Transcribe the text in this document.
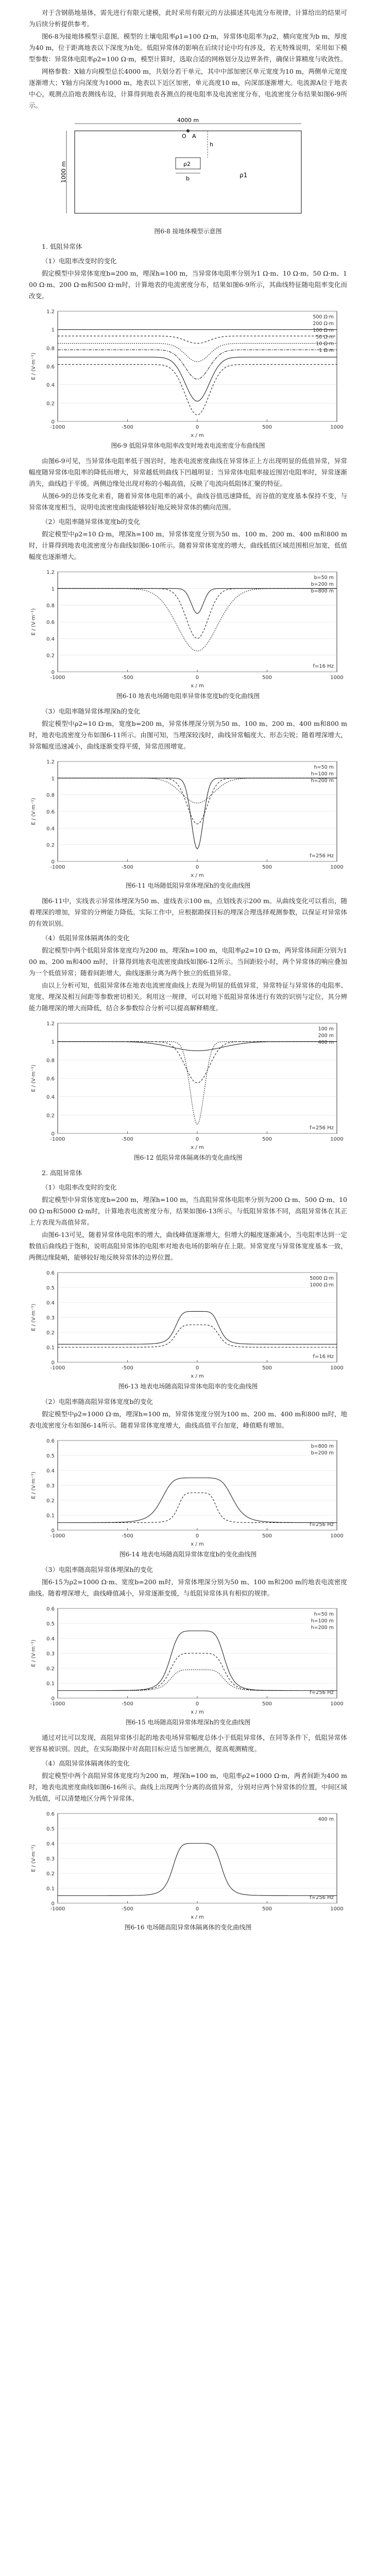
对于含钢筋地基体，需先进行有限元建模，此时采用有限元的方法描述其电流分布规律，计算给出的结果可为后续分析提供参考。

图6-8为接地体模型示意图。模型的土壤电阻率ρ1=100 Ω·m，异常体电阻率为ρ2，横向宽度为b m，厚度为40 m，位于距离地表以下深度为h处。低阻异常体的影响在后续讨论中均有涉及，若无特殊说明，采用如下模型参数：异常体电阻率ρ2=100 Ω·m，模型计算时，选取合适的网格划分及边界条件，确保计算精度与收敛性。

网格参数：X轴方向模型总长4000 m，共划分若干单元，其中中部加密区单元宽度为10 m，两侧单元宽度逐渐增大；Y轴方向深度为1000 m，地表以下近区加密，单元高度10 m，向深部逐渐增大。电流源A位于地表中心，观测点沿地表测线布设，计算得到地表各测点的视电阻率及电流密度分布，电流密度分布结果如图6-9所示。

4000 m
1000 m
A
O
ρ1
ρ2
h
b
图6-8 接地体模型示意图
1. 低阻异常体
（1）电阻率改变时的变化

假定模型中异常体宽度b=200 m，埋深h=100 m，当异常体电阻率分别为1 Ω·m、10 Ω·m、50 Ω·m、100 Ω·m、200 Ω·m和500 Ω·m时，计算地表的电流密度分布，结果如图6-9所示，其曲线特征随电阻率变化而改变。

0
0.2
0.4
0.6
0.8
1
1.2
-1000	-500	0	500	1000
x / m
E / (V·m⁻¹)
500 Ω·m
200 Ω·m
100 Ω·m
50 Ω·m
10 Ω·m
1 Ω·m
图6-9 低阻异常体电阻率改变时地表电流密度分布曲线图

由图6-9可见，当异常体电阻率低于围岩时，地表电流密度曲线在异常体正上方出现明显的低值异常，异常幅度随异常体电阻率的降低而增大，异常越低则曲线下凹越明显；当异常体电阻率接近围岩电阻率时，异常逐渐消失，曲线趋于平缓。两侧边缘处出现对称的小幅高值，反映了电流向低阻体汇聚的特征。

从图6-9的总体变化来看，随着异常体电阻率的减小，曲线谷值迅速降低，而谷值的宽度基本保持不变，与异常体宽度相当，说明电流密度曲线能够较好地反映异常体的横向范围。

（2）电阻率随异常体宽度b的变化

假定模型中ρ2=10 Ω·m，埋深h=100 m，异常体宽度分别为50 m、100 m、200 m、400 m和800 m时，计算得到地表电流密度分布曲线如图6-10所示。随着异常体宽度的增大，曲线低值区域范围相应加宽，低值幅度也逐渐增大。

0
0.2
0.4
0.6
0.8
1
1.2
-1000	-500	0	500	1000
x / m
E / (V·m⁻¹)
b=50 m
b=200 m
b=800 m
f=16 Hz
图6-10 地表电场随电阻率异常体宽度b的变化曲线图
（3）电阻率随异常体埋深h的变化

假定模型中ρ2=10 Ω·m，宽度b=200 m，异常体埋深分别为50 m、100 m、200 m、400 m和800 m时，地表电流密度分布如图6-11所示。由图可知，当埋深较浅时，曲线异常幅度大、形态尖锐；随着埋深增大，异常幅度迅速减小，曲线逐渐变得平缓，异常范围增宽。

0
0.2
0.4
0.6
0.8
1
1.2
-1000	-500	0	500	1000
x / m
E / (V·m⁻¹)
h=50 m
h=100 m
h=200 m
f=256 Hz
图6-11 电场随低阻异常体埋深h的变化曲线图

图6-11中，实线表示异常体埋深为50 m、虚线表示100 m，点划线表示200 m。从曲线变化可以看出，随着埋深的增加，异常的分辨能力降低。实际工作中，应根据勘探目标的埋深合理选择观测参数，以保证对异常体的有效识别。

（4）低阻异常体隔离体的变化

假定模型中两个低阻异常体宽度均为200 m，埋深h=100 m，电阻率ρ2=10 Ω·m，两异常体间距分别为100 m、200 m和400 m时，计算得到地表电流密度曲线如图6-12所示。当间距较小时，两个异常体的响应叠加为一个低值异常；随着间距增大，曲线逐渐分离为两个独立的低值异常。

由以上分析可知，低阻异常体在地表电流密度曲线上表现为明显的低值异常，异常特征与异常体的电阻率、宽度、埋深及相互间距等参数密切相关。利用这一规律，可以对地下低阻异常体进行有效的识别与定位，其分辨能力随埋深的增大而降低，结合多参数综合分析可以提高解释精度。

0
0.2
0.4
0.6
0.8
1
1.2
-1000	-500	0	500	1000
x / m
E / (V·m⁻¹)
100 m
200 m
400 m
f=256 Hz
图6-12 低阻异常体隔离体的变化曲线图
2. 高阻异常体
（1）电阻率改变时的变化

假定模型中异常体宽度b=200 m，埋深h=100 m，当高阻异常体电阻率分别为200 Ω·m、500 Ω·m、1000 Ω·m和5000 Ω·m时，计算地表电流密度分布，结果如图6-13所示。与低阻异常体不同，高阻异常体在其正上方表现为高值异常。

由图6-13可见，随着异常体电阻率的增大，曲线峰值逐渐增大，但增大的幅度逐渐减小，当电阻率达到一定数值后曲线趋于饱和，说明高阻异常体的电阻率对地表电场的影响存在上限。异常宽度与异常体宽度基本一致，两侧边缘陡峭，能够较好地反映异常体的边界位置。

0
0.1
0.2
0.3
0.4
0.5
0.6
-1000	-500	0	500	1000
x / m
E / (V·m⁻¹)
5000 Ω·m
1000 Ω·m
f=16 Hz
图6-13 地表电场随高阻异常体电阻率的变化曲线图
（2）电阻率随高阻异常体宽度b的变化

假定模型中ρ2=1000 Ω·m，埋深h=100 m，异常体宽度分别为100 m、200 m、400 m和800 m时，地表电流密度分布如图6-14所示。随着异常体宽度增大，曲线高值平台加宽，峰值略有增加。

0
0.1
0.2
0.3
0.4
0.5
0.6
-1000	-500	0	500	1000
x / m
E / (V·m⁻¹)
b=800 m
b=200 m
f=256 Hz
图6-14 地表电场随高阻异常体宽度b的变化曲线图
（3）电阻率随高阻异常体埋深h的变化

图6-15为ρ2=1000 Ω·m、宽度b=200 m时，异常体埋深分别为50 m、100 m和200 m的地表电流密度曲线。随着埋深增大，曲线峰值减小，异常逐渐变缓，与低阻异常体具有相似的规律。

0
0.1
0.2
0.3
0.4
0.5
0.6
-1000	-500	0	500	1000
x / m
E / (V·m⁻¹)
h=50 m
h=100 m
h=200 m
f=256 Hz
图6-15 电场随高阻异常体埋深h的变化曲线图

通过对比可以发现，高阻异常体引起的地表电场异常幅度总体小于低阻异常体，在同等条件下，低阻异常体更容易被识别。因此，在实际勘探中对高阻目标应适当加密测点，提高观测精度。

（4）高阻异常体隔离体的变化

假定模型中两个高阻异常体宽度均为200 m，埋深h=100 m，电阻率ρ2=1000 Ω·m，两者间距为400 m时，地表电流密度曲线如图6-16所示。曲线上出现两个分离的高值异常，分别对应两个异常体的位置，中间区域为低值，可以清楚地区分两个异常体。

0
0.1
0.2
0.3
0.4
0.5
0.6
-1000	-500	0	500	1000
x / m
E / (V·m⁻¹)
400 m
f=256 Hz
图6-16 电场随高阻异常体隔离体的变化曲线图
